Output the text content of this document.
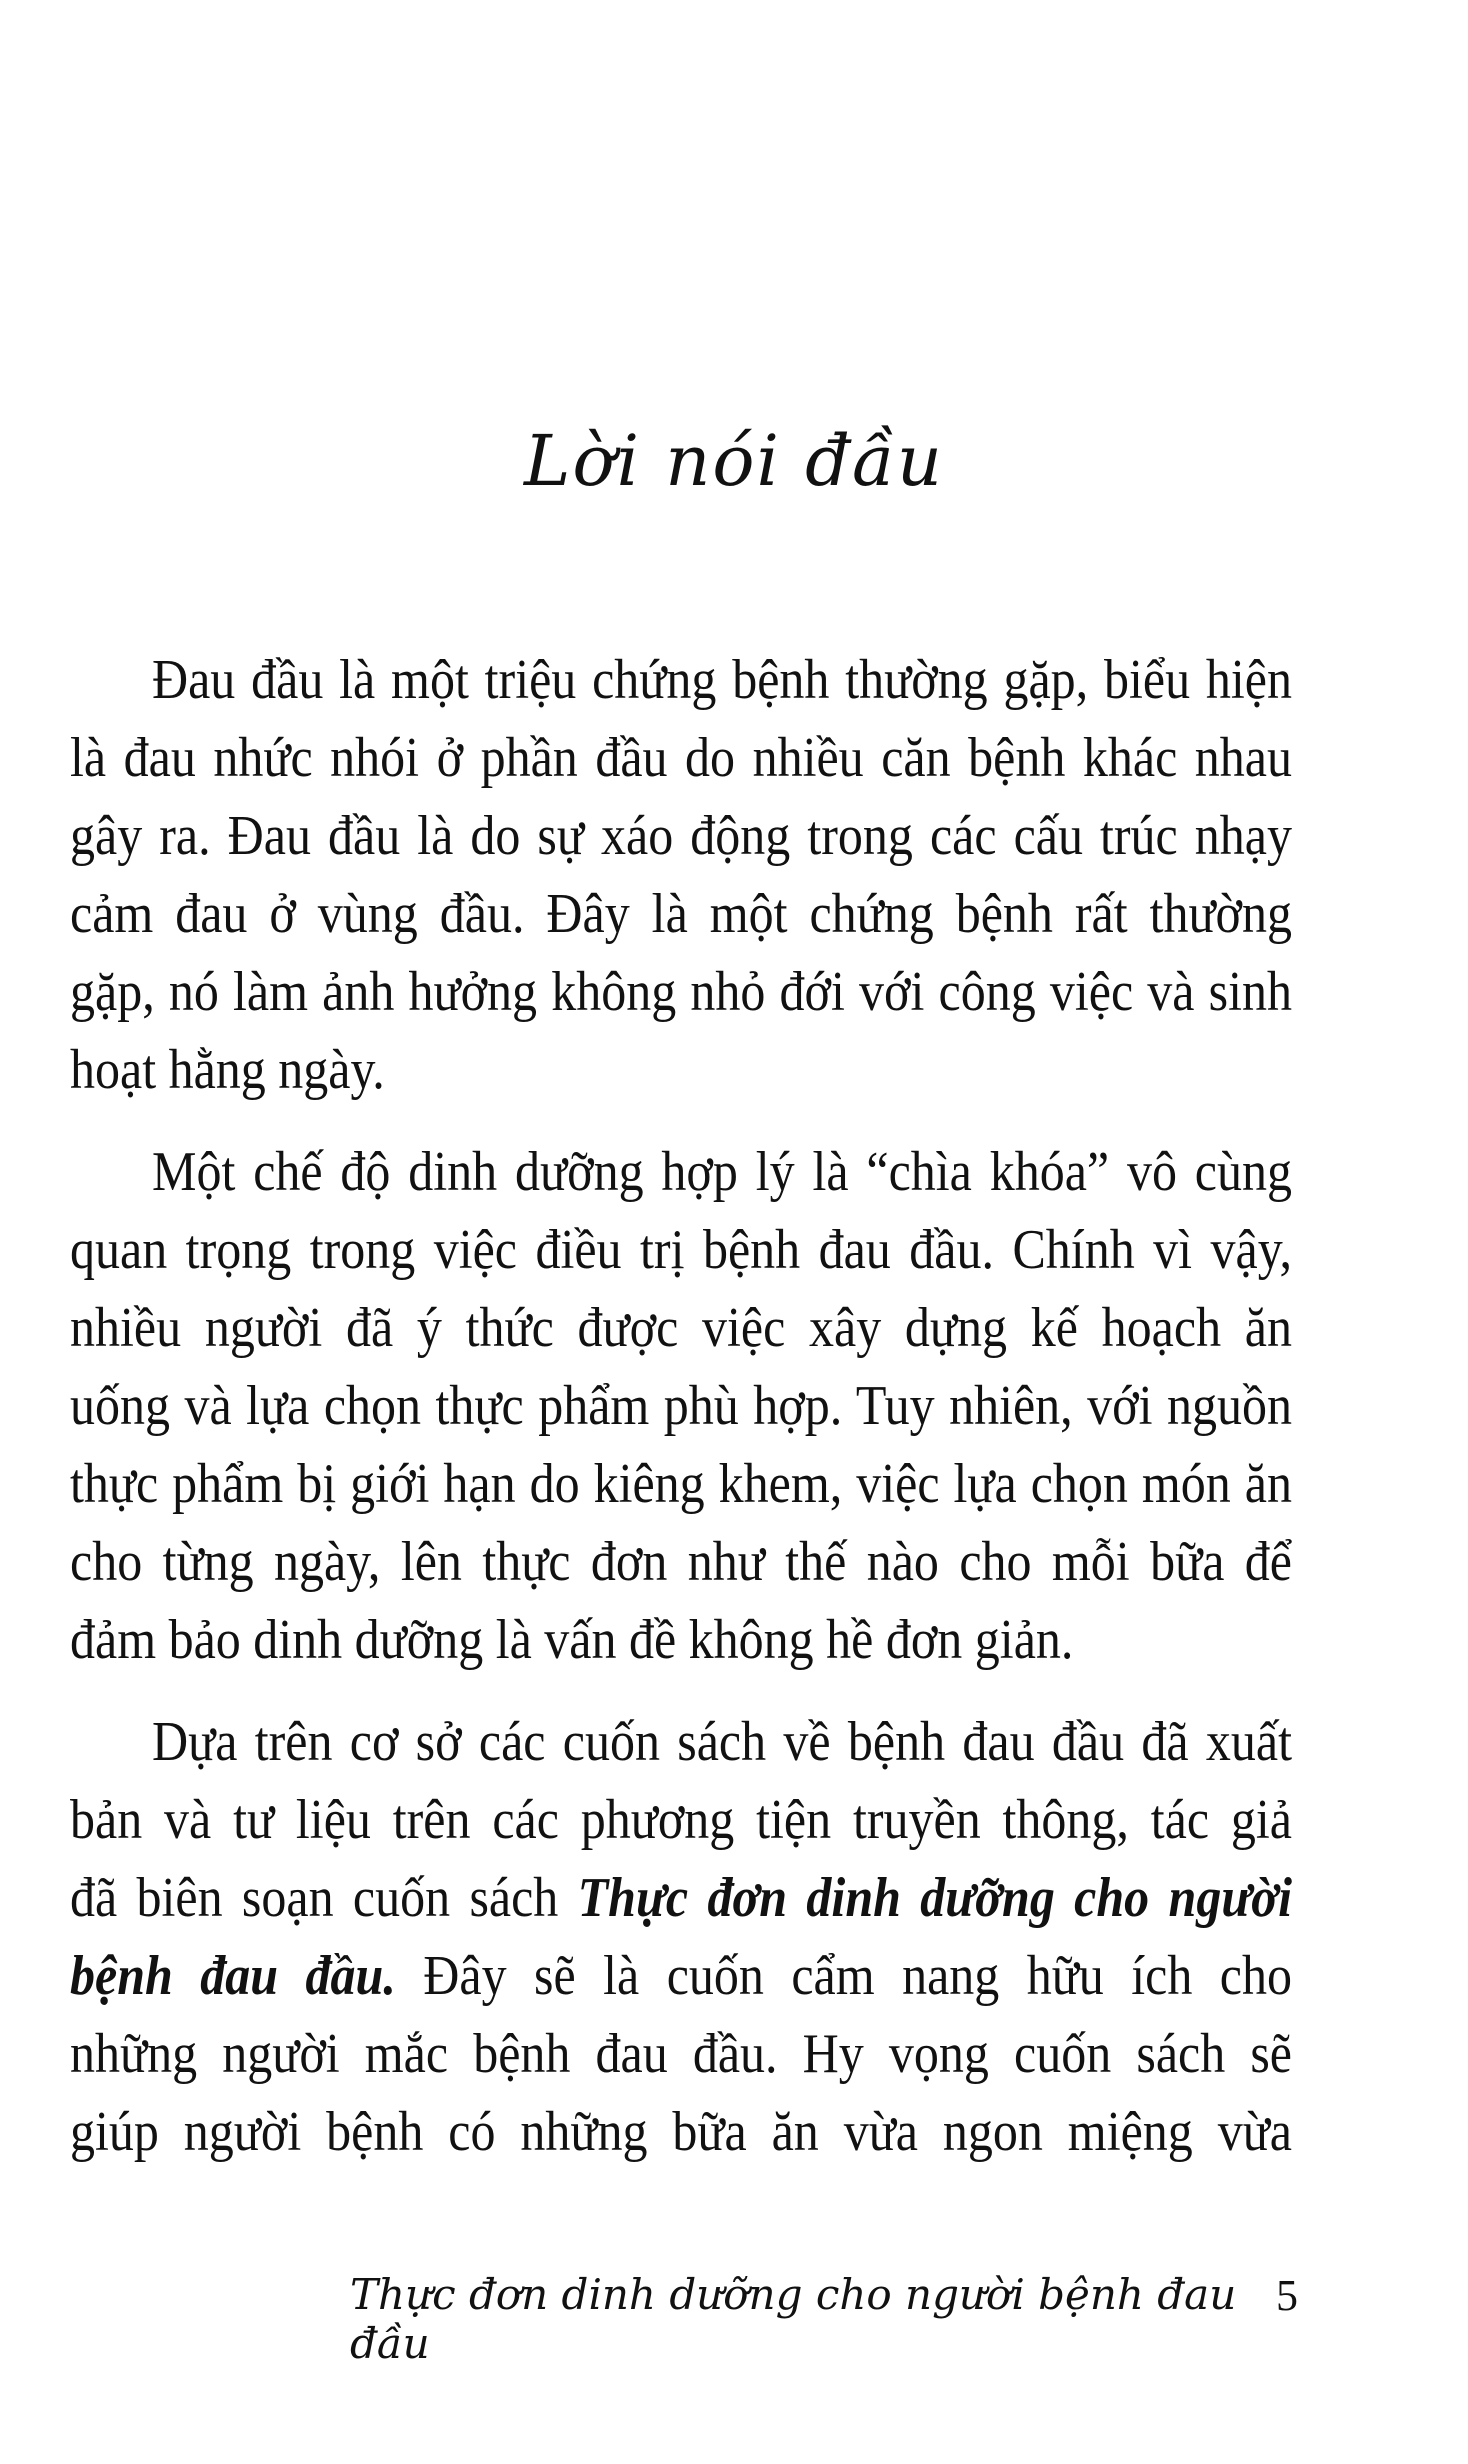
Lời nói đầu
Đau đầu là một triệu chứng bệnh thường gặp, biểu hiện
là đau nhức nhói ở phần đầu do nhiều căn bệnh khác nhau
gây ra. Đau đầu là do sự xáo động trong các cấu trúc nhạy
cảm đau ở vùng đầu. Đây là một chứng bệnh rất thường
gặp, nó làm ảnh hưởng không nhỏ đới với công việc và sinh
hoạt hằng ngày.
Một chế độ dinh dưỡng hợp lý là “chìa khóa” vô cùng
quan trọng trong việc điều trị bệnh đau đầu. Chính vì vậy,
nhiều người đã ý thức được việc xây dựng kế hoạch ăn
uống và lựa chọn thực phẩm phù hợp. Tuy nhiên, với nguồn
thực phẩm bị giới hạn do kiêng khem, việc lựa chọn món ăn
cho từng ngày, lên thực đơn như thế nào cho mỗi bữa để
đảm bảo dinh dưỡng là vấn đề không hề đơn giản.
Dựa trên cơ sở các cuốn sách về bệnh đau đầu đã xuất
bản và tư liệu trên các phương tiện truyền thông, tác giả
đã biên soạn cuốn sách Thực đơn dinh dưỡng cho người
bệnh đau đầu. Đây sẽ là cuốn cẩm nang hữu ích cho
những người mắc bệnh đau đầu. Hy vọng cuốn sách sẽ
giúp người bệnh có những bữa ăn vừa ngon miệng vừa
Thực đơn dinh dưỡng cho người bệnh đau đầu
5
